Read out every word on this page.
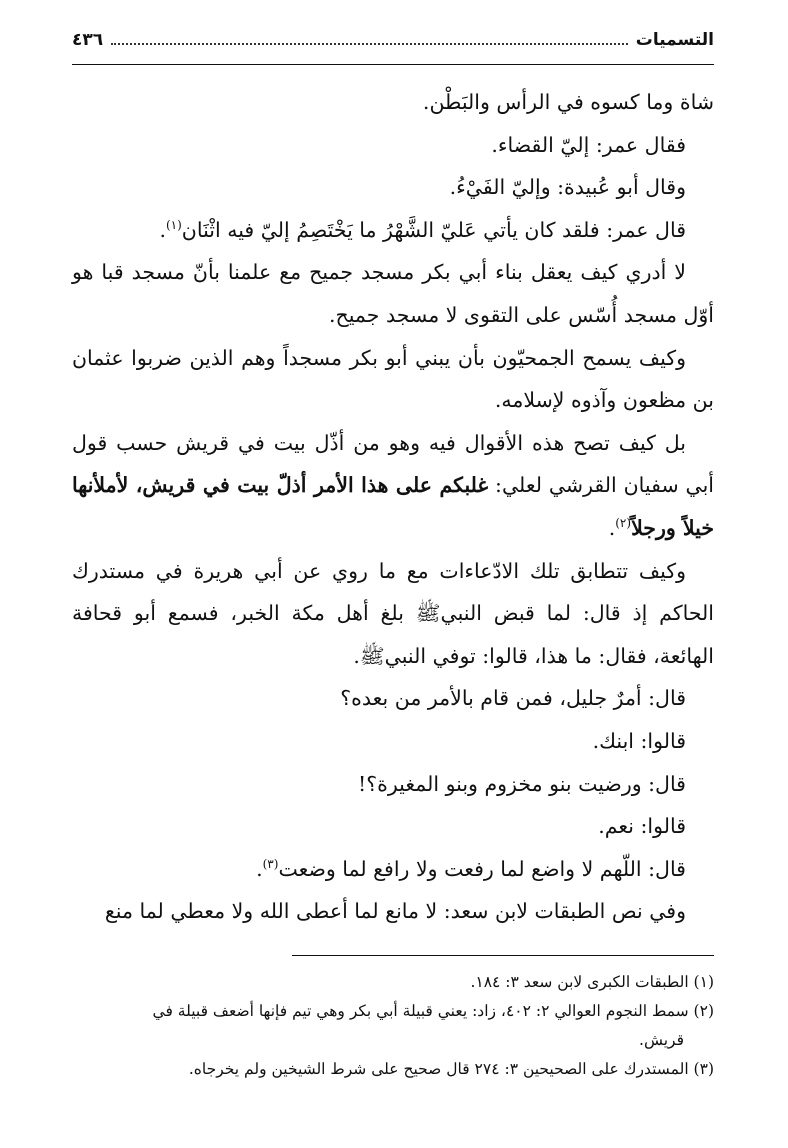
التسميات
٤٣٦

شاة وما كسوه في الرأس والبَطْن.

فقال عمر: إليّ القضاء.

وقال أبو عُبيدة: وإليّ الفَيْءُ.

قال عمر: فلقد كان يأتي عَليّ الشَّهْرُ ما يَخْتَصِمُ إليّ فيه اثْنَان$^{(١)}$.

لا أدري كيف يعقل بناء أبي بكر مسجد جميح مع علمنا بأنّ مسجد قبا هو أوّل مسجد أُسّس على التقوى لا مسجد جميح.

وكيف يسمح الجمحيّون بأن يبني أبو بكر مسجداً وهم الذين ضربوا عثمان بن مظعون وآذوه لإسلامه.

بل كيف تصح هذه الأقوال فيه وهو من أذّل بيت في قريش حسب قول أبي سفيان القرشي لعلي: غلبكم على هذا الأمر أذلّ بيت في قريش، لأملأنها خيلاً ورجلاً$^{(٢)}$.

وكيف تتطابق تلك الادّعاءات مع ما روي عن أبي هريرة في مستدرك الحاكم إذ قال: لما قبض النبيﷺ بلغ أهل مكة الخبر، فسمع أبو قحافة الهائعة، فقال: ما هذا، قالوا: توفي النبيﷺ.

قال: أمرٌ جليل، فمن قام بالأمر من بعده؟

قالوا: ابنك.

قال: ورضيت بنو مخزوم وبنو المغيرة؟!

قالوا: نعم.

قال: اللّهم لا واضع لما رفعت ولا رافع لما وضعت$^{(٣)}$.

وفي نص الطبقات لابن سعد: لا مانع لما أعطى الله ولا معطي لما منع

(١) الطبقات الكبرى لابن سعد ٣: ١٨٤.

(٢) سمط النجوم العوالي ٢: ٤٠٢، زاد: يعني قبيلة أبي بكر وهي تيم فإنها أضعف قبيلة في

قريش.

(٣) المستدرك على الصحيحين ٣: ٢٧٤ قال صحيح على شرط الشيخين ولم يخرجاه.
